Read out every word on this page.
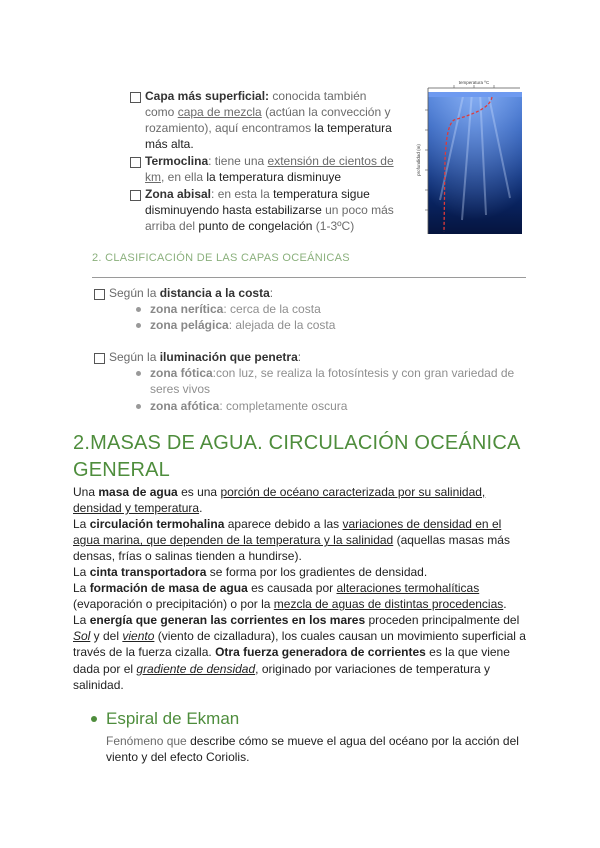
Capa más superficial: conocida también
como capa de mezcla (actúan la convección y
rozamiento), aquí encontramos la temperatura
más alta.
Termoclina: tiene una extensión de cientos de
km, en ella la temperatura disminuye
Zona abisal: en esta la temperatura sigue
disminuyendo hasta estabilizarse un poco más
arriba del punto de congelación (1-3ºC)
temperatura ºC
profundidad (m)
2. CLASIFICACIÓN DE LAS CAPAS OCEÁNICAS
Según la distancia a la costa:
zona nerítica: cerca de la costa
zona pelágica: alejada de la costa
Según la iluminación que penetra:
zona fótica:con luz, se realiza la fotosíntesis y con gran variedad de
seres vivos
zona afótica: completamente oscura
2.MASAS DE AGUA. CIRCULACIÓN OCEÁNICA
GENERAL
Una masa de agua es una porción de océano caracterizada por su salinidad,
densidad y temperatura.
La circulación termohalina aparece debido a las variaciones de densidad en el
agua marina, que dependen de la temperatura y la salinidad (aquellas masas más
densas, frías o salinas tienden a hundirse).
La cinta transportadora se forma por los gradientes de densidad.
La formación de masa de agua es causada por alteraciones termohalíticas
(evaporación o precipitación) o por la mezcla de aguas de distintas procedencias.
La energía que generan las corrientes en los mares proceden principalmente del
Sol y del viento (viento de cizalladura), los cuales causan un movimiento superficial a
través de la fuerza cizalla. Otra fuerza generadora de corrientes es la que viene
dada por el gradiente de densidad, originado por variaciones de temperatura y
salinidad.
Espiral de Ekman
Fenómeno que describe cómo se mueve el agua del océano por la acción del
viento y del efecto Coriolis.
